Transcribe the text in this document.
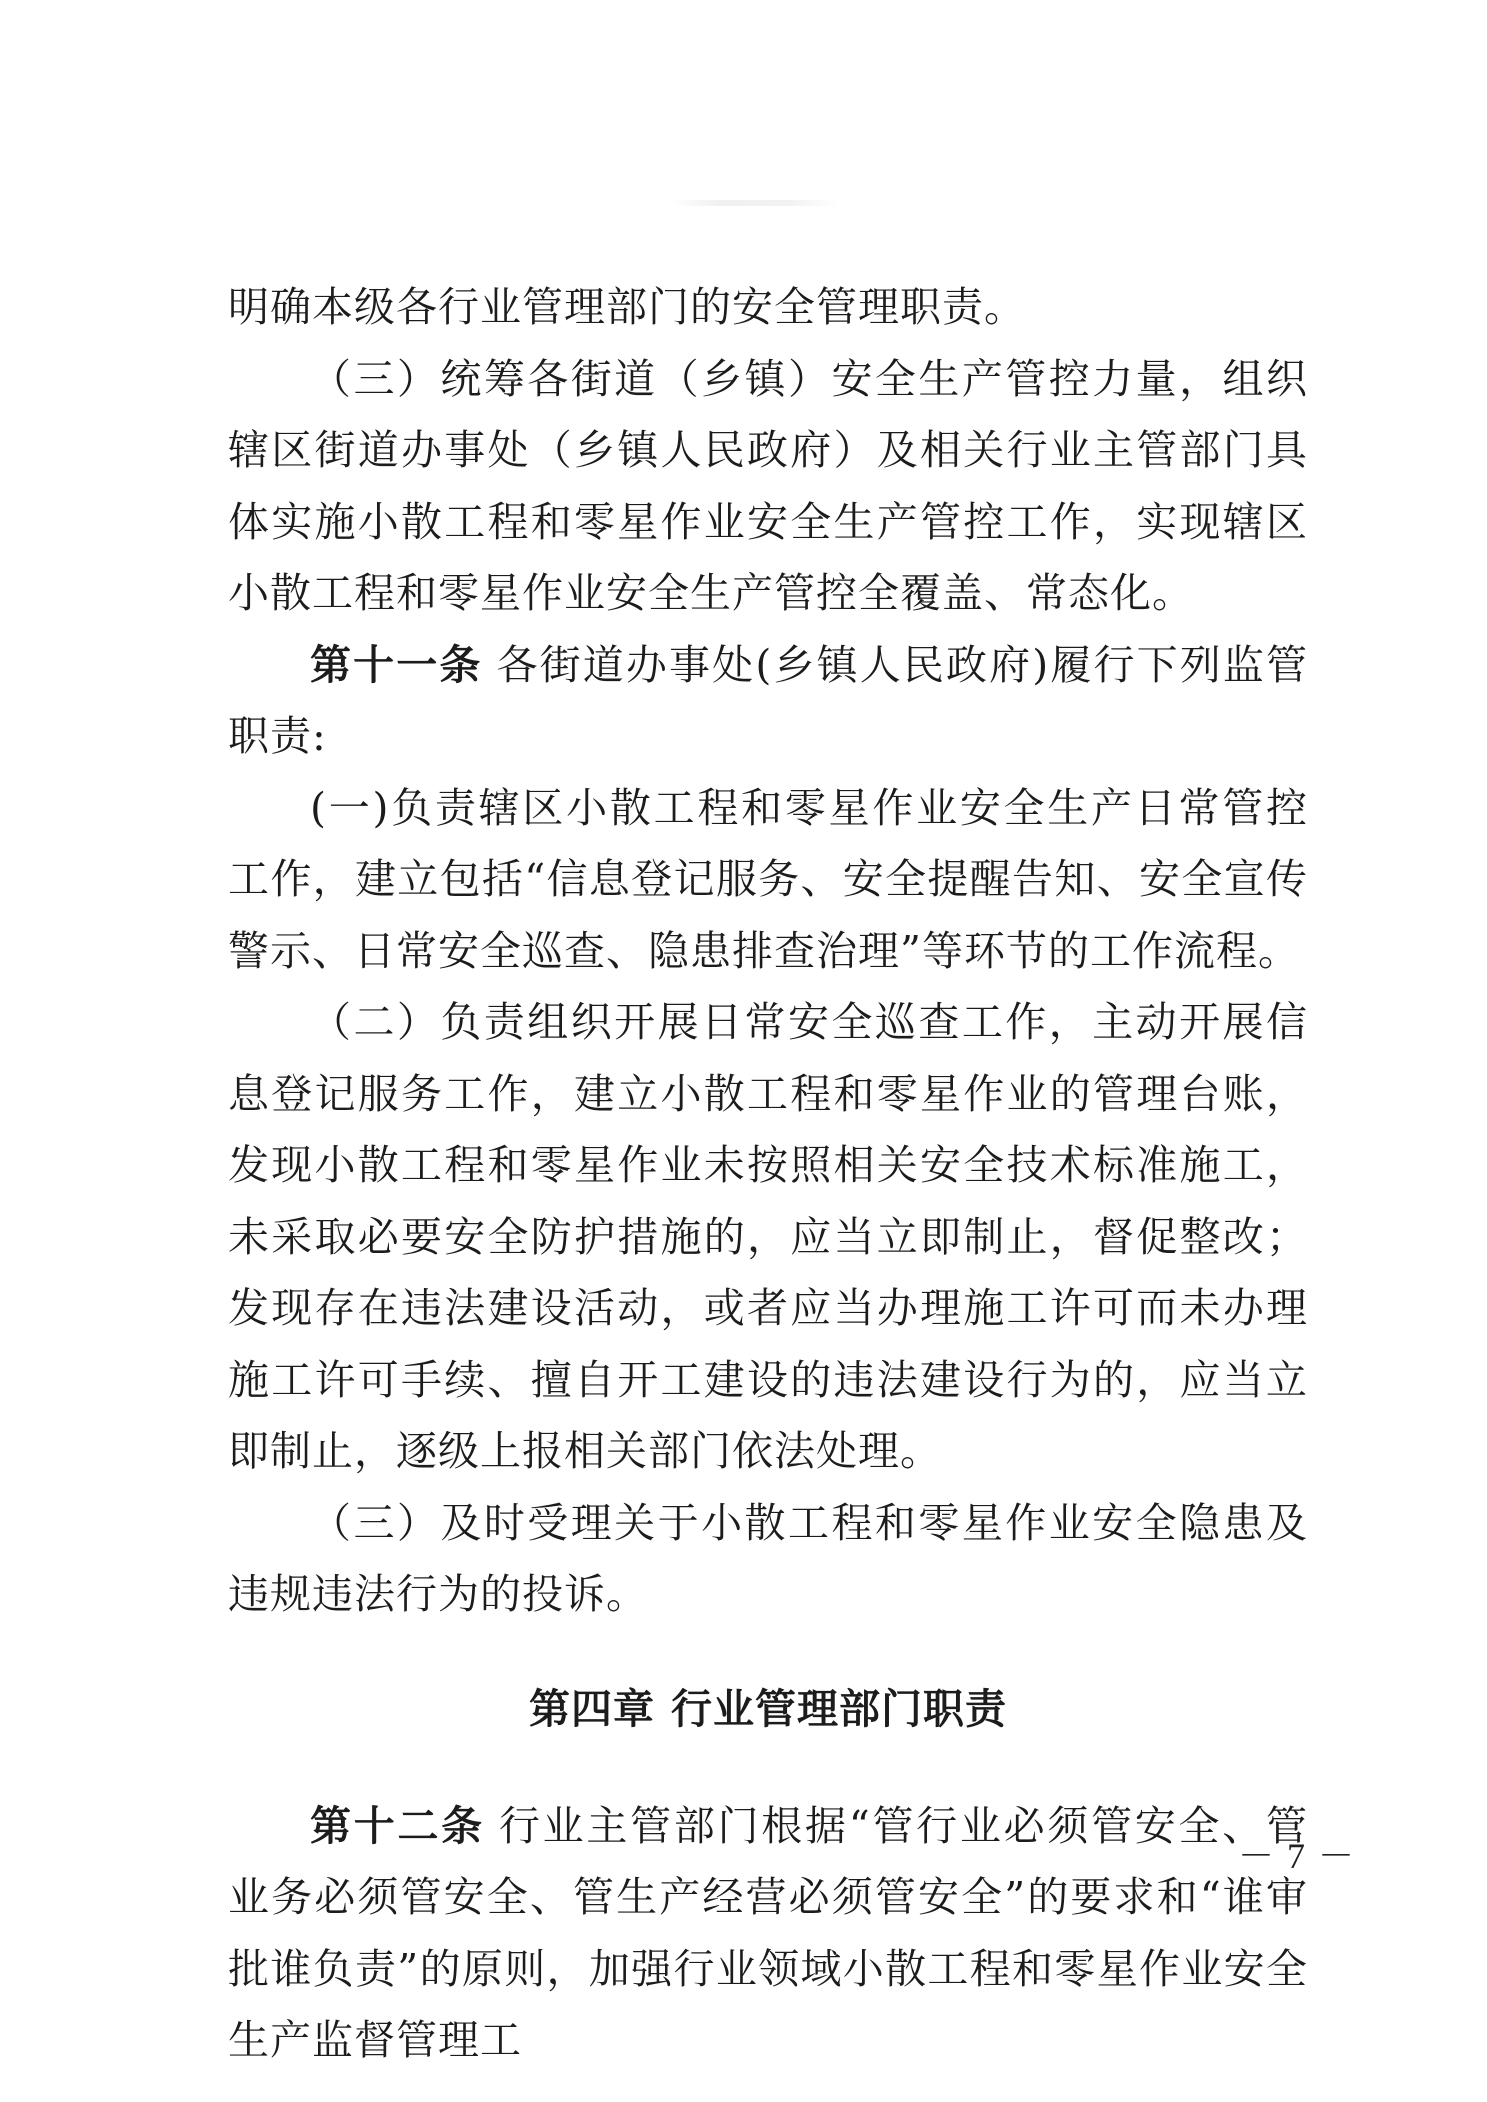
明确本级各行业管理部门的安全管理职责。

（三）统筹各街道（乡镇）安全生产管控力量，组织辖区街道办事处（乡镇人民政府）及相关行业主管部门具体实施小散工程和零星作业安全生产管控工作，实现辖区小散工程和零星作业安全生产管控全覆盖、常态化。

第十一条 各街道办事处(乡镇人民政府)履行下列监管职责:

(一)负责辖区小散工程和零星作业安全生产日常管控工作，建立包括“信息登记服务、安全提醒告知、安全宣传警示、日常安全巡查、隐患排查治理”等环节的工作流程。

（二）负责组织开展日常安全巡查工作，主动开展信息登记服务工作，建立小散工程和零星作业的管理台账，发现小散工程和零星作业未按照相关安全技术标准施工，未采取必要安全防护措施的，应当立即制止，督促整改；发现存在违法建设活动，或者应当办理施工许可而未办理施工许可手续、擅自开工建设的违法建设行为的，应当立即制止，逐级上报相关部门依法处理。

（三）及时受理关于小散工程和零星作业安全隐患及违规违法行为的投诉。

第四章 行业管理部门职责

第十二条 行业主管部门根据“管行业必须管安全、管业务必须管安全、管生产经营必须管安全”的要求和“谁审批谁负责”的原则，加强行业领域小散工程和零星作业安全生产监督管理工

－ 7 －
